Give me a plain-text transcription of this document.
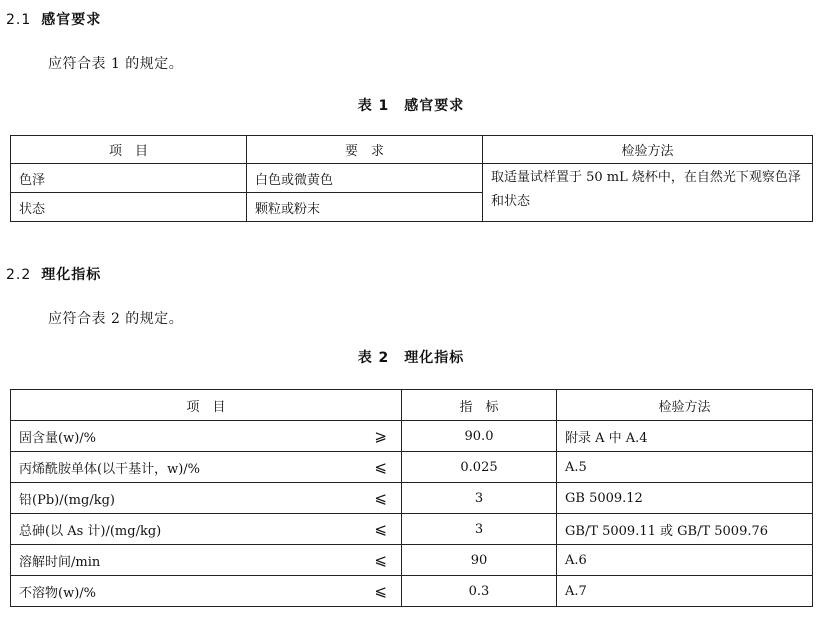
2.1 感官要求
应符合表 1 的规定。
表 1　感官要求
项　目	要　求	检验方法
色泽	白色或微黄色	取适量试样置于 50 mL 烧杯中，在自然光下观察色泽和状态
状态	颗粒或粉末	
2.2 理化指标
应符合表 2 的规定。
表 2　理化指标
项　目	指　标	检验方法
固含量(w)/% ⩾	90.0	附录 A 中 A.4
丙烯酰胺单体(以干基计，w)/% ⩽	0.025	A.5
铅(Pb)/(mg/kg) ⩽	3	GB 5009.12
总砷(以 As 计)/(mg/kg) ⩽	3	GB/T 5009.11 或 GB/T 5009.76
溶解时间/min ⩽	90	A.6
不溶物(w)/% ⩽	0.3	A.7
